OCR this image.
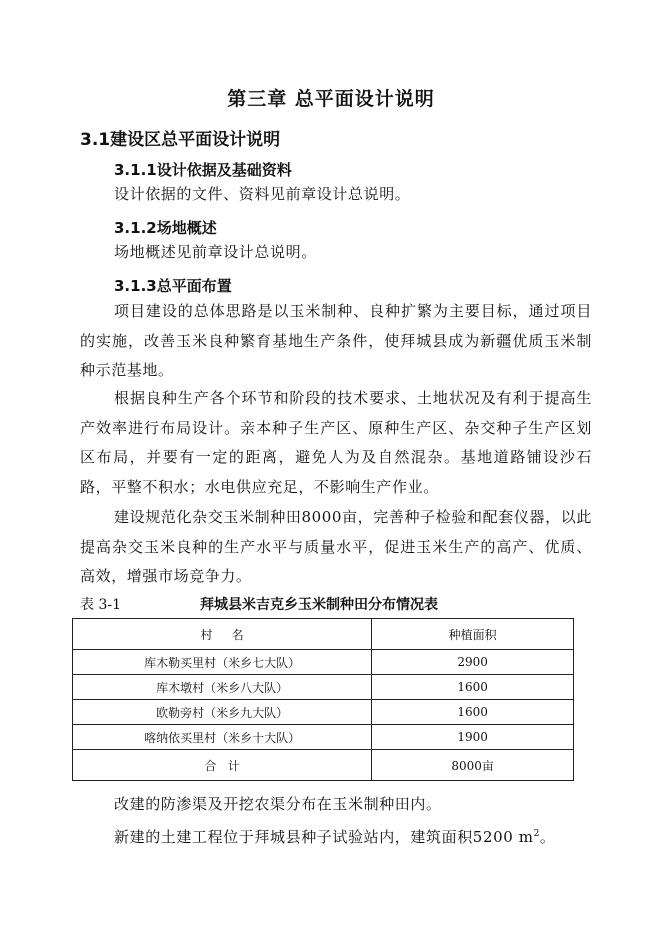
第三章 总平面设计说明
3.1建设区总平面设计说明
3.1.1设计依据及基础资料
设计依据的文件、资料见前章设计总说明。
3.1.2场地概述
场地概述见前章设计总说明。
3.1.3总平面布置
项目建设的总体思路是以玉米制种、良种扩繁为主要目标，通过项目的实施，改善玉米良种繁育基地生产条件，使拜城县成为新疆优质玉米制种示范基地。
根据良种生产各个环节和阶段的技术要求、土地状况及有利于提高生产效率进行布局设计。亲本种子生产区、原种生产区、杂交种子生产区划区布局，并要有一定的距离，避免人为及自然混杂。基地道路铺设沙石路，平整不积水；水电供应充足，不影响生产作业。
建设规范化杂交玉米制种田8000亩，完善种子检验和配套仪器，以此提高杂交玉米良种的生产水平与质量水平，促进玉米生产的高产、优质、高效，增强市场竞争力。
表 3-1	拜城县米吉克乡玉米制种田分布情况表
村     名	种植面积
库木勒买里村（米乡七大队）	2900
库木墩村（米乡八大队）	1600
欧勒旁村（米乡九大队）	1600
喀纳依买里村（米乡十大队）	1900
合   计	8000亩
改建的防渗渠及开挖农渠分布在玉米制种田内。
新建的土建工程位于拜城县种子试验站内，建筑面积5200 $m^2$。
